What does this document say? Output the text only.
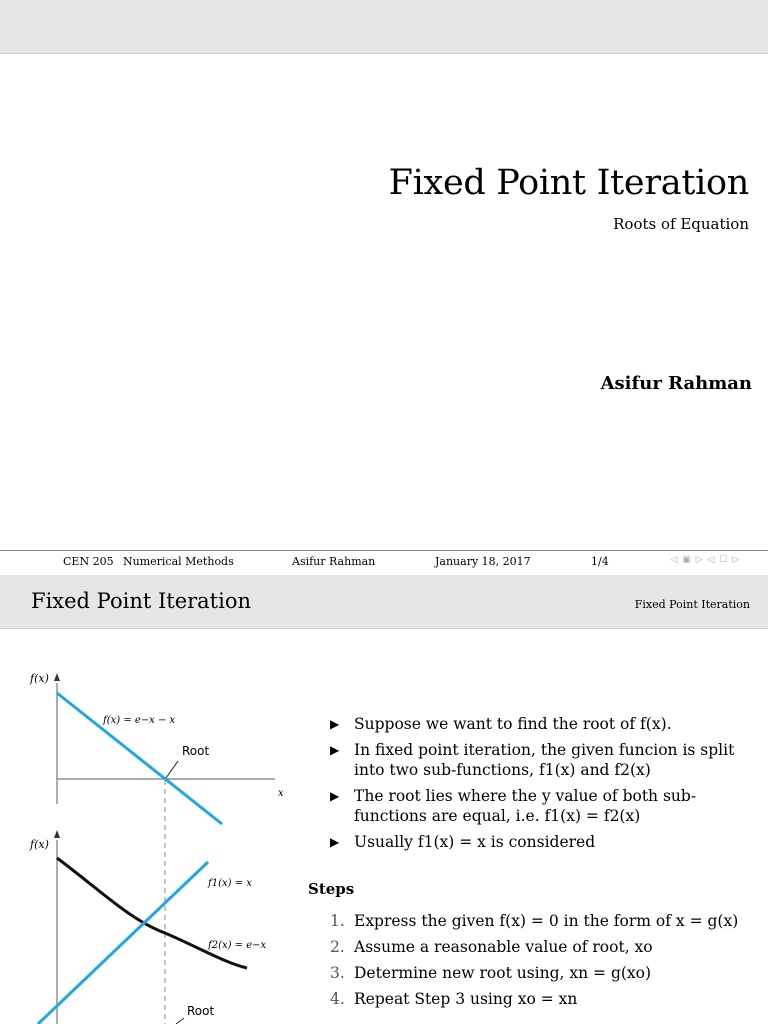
Fixed Point Iteration
Roots of Equation
Asifur Rahman
CEN 205 Numerical Methods	Asifur Rahman	January 18, 2017	1/4	◁ ▣ ▷ ◁ ☐ ▷
Fixed Point Iteration	Fixed Point Iteration
f(x)
f(x) = e−x − x
Root
x
f(x)
f1(x) = x
f2(x) = e−x
Root
▶ Suppose we want to find the root of f(x).
▶ In fixed point iteration, the given funcion is split into two sub-functions, f1(x) and f2(x)
▶ The root lies where the y value of both sub-functions are equal, i.e. f1(x) = f2(x)
▶ Usually f1(x) = x is considered
Steps
1. Express the given f(x) = 0 in the form of x = g(x)
2. Assume a reasonable value of root, xo
3. Determine new root using, xn = g(xo)
4. Repeat Step 3 using xo = xn
